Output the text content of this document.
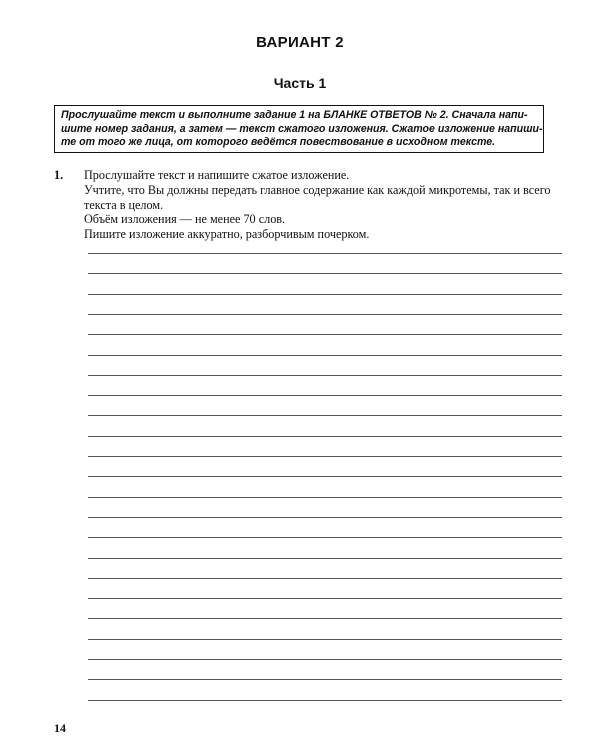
ВАРИАНТ 2
Часть 1
Прослушайте текст и выполните задание 1 на БЛАНКЕ ОТВЕТОВ № 2. Сначала напи-
шите номер задания, а затем — текст сжатого изложения. Сжатое изложение напиши-
те от того же лица, от которого ведётся повествование в исходном тексте.
1. Прослушайте текст и напишите сжатое изложение.
Учтите, что Вы должны передать главное содержание как каждой микротемы, так и всего
текста в целом.
Объём изложения — не менее 70 слов.
Пишите изложение аккуратно, разборчивым почерком.
14
